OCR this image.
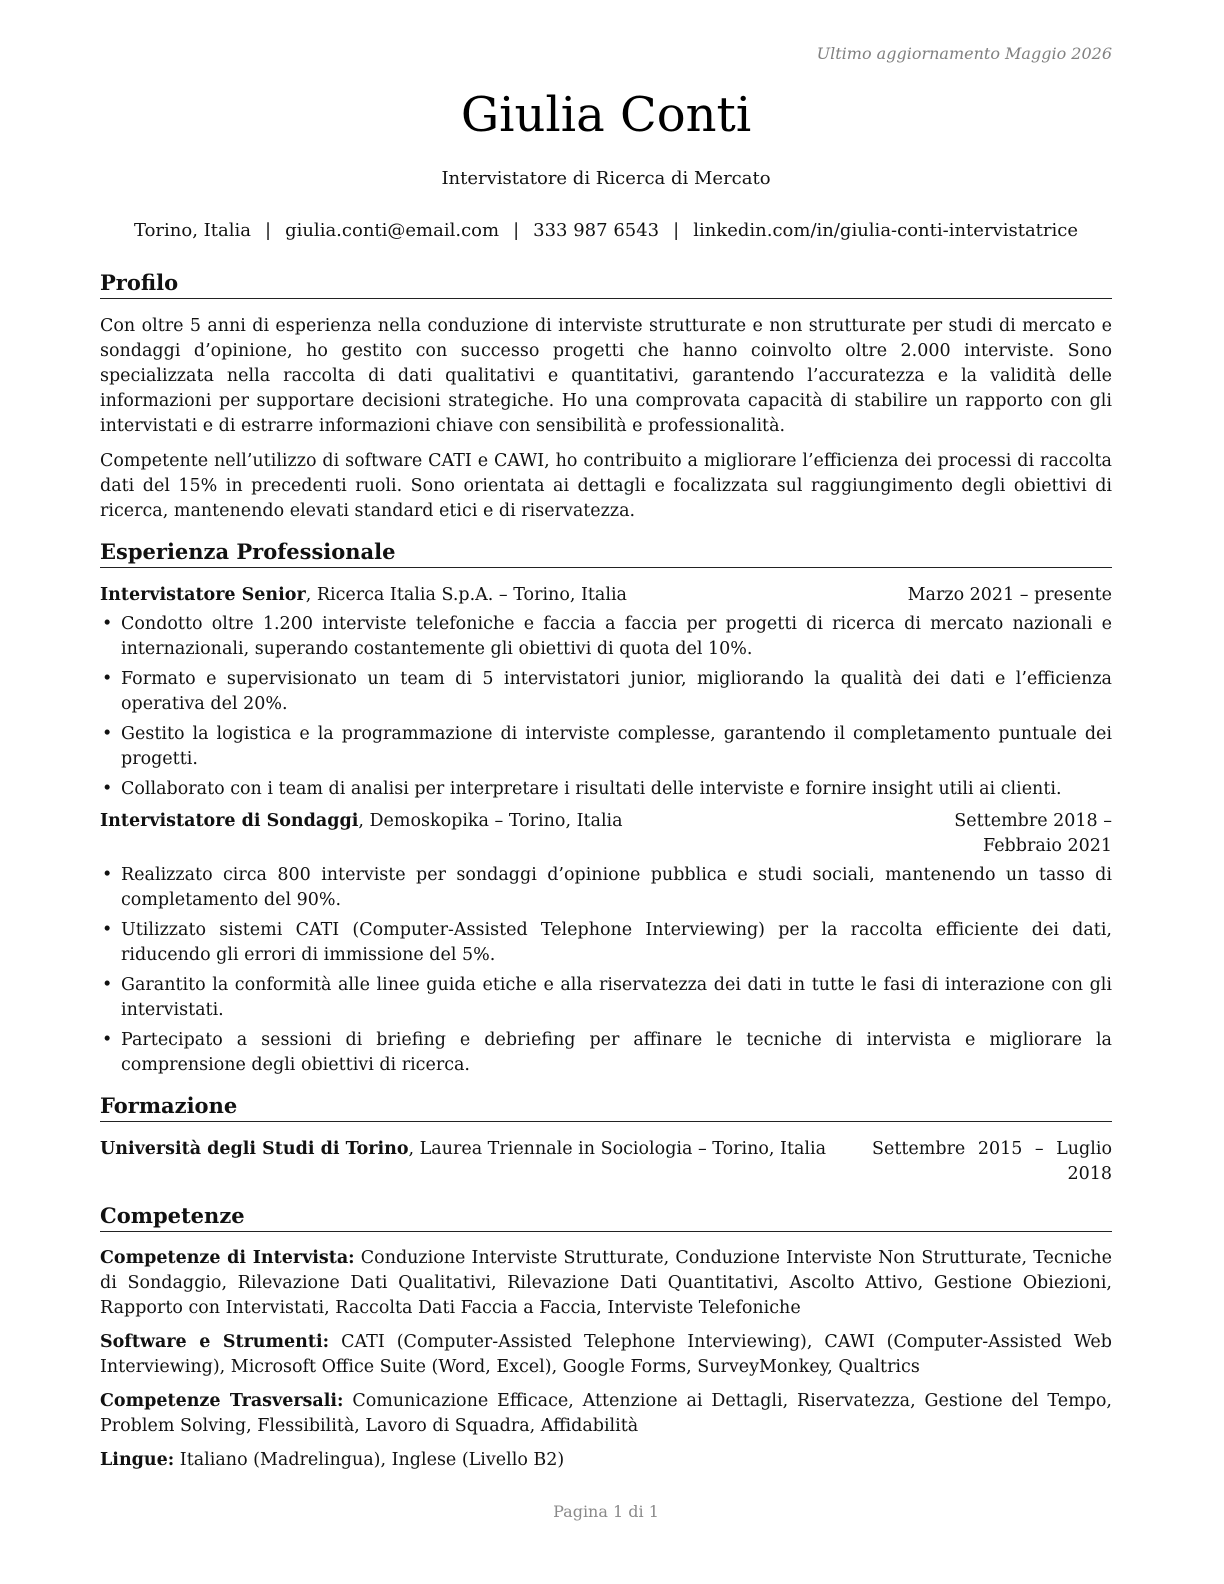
Ultimo aggiornamento Maggio 2026
Giulia Conti
Intervistatore di Ricerca di Mercato
Torino, Italia | giulia.conti@email.com | 333 987 6543 | linkedin.com/in/giulia-conti-intervistatrice
Profilo

Con oltre 5 anni di esperienza nella conduzione di interviste strutturate e non strutturate per studi di mercato e sondaggi d’opinione, ho gestito con successo progetti che hanno coinvolto oltre 2.000 interviste. Sono specializzata nella raccolta di dati qualitativi e quantitativi, garantendo l’accuratezza e la validità delle informazioni per supportare decisioni strategiche. Ho una comprovata capacità di stabilire un rapporto con gli intervistati e di estrarre informazioni chiave con sensibilità e professionalità.

Competente nell’utilizzo di software CATI e CAWI, ho contribuito a migliorare l’efficienza dei processi di raccolta dati del 15% in precedenti ruoli. Sono orientata ai dettagli e focalizzata sul raggiungimento degli obiettivi di ricerca, mantenendo elevati standard etici e di riservatezza.

Esperienza Professionale
Intervistatore Senior, Ricerca Italia S.p.A. – Torino, Italia	Marzo 2021 – presente
• Condotto oltre 1.200 interviste telefoniche e faccia a faccia per progetti di ricerca di mercato nazionali e internazionali, superando costantemente gli obiettivi di quota del 10%.
• Formato e supervisionato un team di 5 intervistatori junior, migliorando la qualità dei dati e l’efficienza operativa del 20%.
• Gestito la logistica e la programmazione di interviste complesse, garantendo il completamento puntuale dei progetti.
• Collaborato con i team di analisi per interpretare i risultati delle interviste e fornire insight utili ai clienti.
Intervistatore di Sondaggi, Demoskopika – Torino, Italia	Settembre 2018 – Febbraio 2021
• Realizzato circa 800 interviste per sondaggi d’opinione pubblica e studi sociali, mantenendo un tasso di completamento del 90%.
• Utilizzato sistemi CATI (Computer-Assisted Telephone Interviewing) per la raccolta efficiente dei dati, riducendo gli errori di immissione del 5%.
• Garantito la conformità alle linee guida etiche e alla riservatezza dei dati in tutte le fasi di interazione con gli intervistati.
• Partecipato a sessioni di briefing e debriefing per affinare le tecniche di intervista e migliorare la comprensione degli obiettivi di ricerca.
Formazione
Università degli Studi di Torino, Laurea Triennale in Sociologia – Torino, Italia	Settembre 2015 – Luglio 2018
Competenze

Competenze di Intervista: Conduzione Interviste Strutturate, Conduzione Interviste Non Strutturate, Tecniche di Sondaggio, Rilevazione Dati Qualitativi, Rilevazione Dati Quantitativi, Ascolto Attivo, Gestione Obiezioni, Rapporto con Intervistati, Raccolta Dati Faccia a Faccia, Interviste Telefoniche

Software e Strumenti: CATI (Computer-Assisted Telephone Interviewing), CAWI (Computer-Assisted Web Interviewing), Microsoft Office Suite (Word, Excel), Google Forms, SurveyMonkey, Qualtrics

Competenze Trasversali: Comunicazione Efficace, Attenzione ai Dettagli, Riservatezza, Gestione del Tempo, Problem Solving, Flessibilità, Lavoro di Squadra, Affidabilità

Lingue: Italiano (Madrelingua), Inglese (Livello B2)

Pagina 1 di 1
